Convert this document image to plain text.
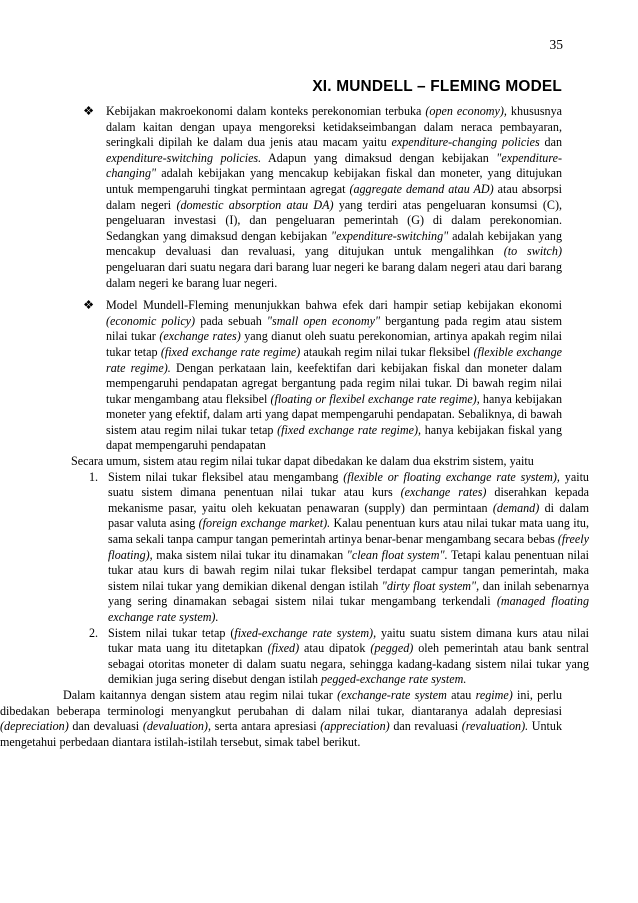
35
XI. MUNDELL – FLEMING MODEL
❖ Kebijakan makroekonomi dalam konteks perekonomian terbuka (open economy), khususnya dalam kaitan dengan upaya mengoreksi ketidakseimbangan dalam neraca pembayaran, seringkali dipilah ke dalam dua jenis atau macam yaitu expenditure-changing policies dan expenditure-switching policies. Adapun yang dimaksud dengan kebijakan "expenditure- changing" adalah kebijakan yang mencakup kebijakan fiskal dan moneter, yang ditujukan untuk mempengaruhi tingkat permintaan agregat (aggregate demand atau AD) atau absorpsi dalam negeri (domestic absorption atau DA) yang terdiri atas pengeluaran konsumsi (C), pengeluaran investasi (I), dan pengeluaran pemerintah (G) di dalam perekonomian. Sedangkan yang dimaksud dengan kebijakan "expenditure-switching" adalah kebijakan yang mencakup devaluasi dan revaluasi, yang ditujukan untuk mengalihkan (to switch) pengeluaran dari suatu negara dari barang luar negeri ke barang dalam negeri atau dari barang dalam negeri ke barang luar negeri.

❖ Model Mundell-Fleming menunjukkan bahwa efek dari hampir setiap kebijakan ekonomi (economic policy) pada sebuah "small open economy" bergantung pada regim atau sistem nilai tukar (exchange rates) yang dianut oleh suatu perekonomian, artinya apakah regim nilai tukar tetap (fixed exchange rate regime) ataukah regim nilai tukar fleksibel (flexible exchange rate regime). Dengan perkataan lain, keefektifan dari kebijakan fiskal dan moneter dalam mempengaruhi pendapatan agregat bergantung pada regim nilai tukar. Di bawah regim nilai tukar mengambang atau fleksibel (floating or flexibel exchange rate regime), hanya kebijakan moneter yang efektif, dalam arti yang dapat mempengaruhi pendapatan. Sebaliknya, di bawah sistem atau regim nilai tukar tetap (fixed exchange rate regime), hanya kebijakan fiskal yang dapat mempengaruhi pendapatan

Secara umum, sistem atau regim nilai tukar dapat dibedakan ke dalam dua ekstrim sistem, yaitu

1. Sistem nilai tukar fleksibel atau mengambang (flexible or floating exchange rate system), yaitu suatu sistem dimana penentuan nilai tukar atau kurs (exchange rates) diserahkan kepada mekanisme pasar, yaitu oleh kekuatan penawaran (supply) dan permintaan (demand) di dalam pasar valuta asing (foreign exchange market). Kalau penentuan kurs atau nilai tukar mata uang itu, sama sekali tanpa campur tangan pemerintah artinya benar-benar mengambang secara bebas (freely floating), maka sistem nilai tukar itu dinamakan "clean float system". Tetapi kalau penentuan nilai tukar atau kurs di bawah regim nilai tukar fleksibel terdapat campur tangan pemerintah, maka sistem nilai tukar yang demikian dikenal dengan istilah "dirty float system", dan inilah sebenarnya yang sering dinamakan sebagai sistem nilai tukar mengambang terkendali (managed floating exchange rate system).

2. Sistem nilai tukar tetap (fixed-exchange rate system), yaitu suatu sistem dimana kurs atau nilai tukar mata uang itu ditetapkan (fixed) atau dipatok (pegged) oleh pemerintah atau bank sentral sebagai otoritas moneter di dalam suatu negara, sehingga kadang-kadang sistem nilai tukar yang demikian juga sering disebut dengan istilah pegged-exchange rate system.

Dalam kaitannya dengan sistem atau regim nilai tukar (exchange-rate system atau regime) ini, perlu dibedakan beberapa terminologi menyangkut perubahan di dalam nilai tukar, diantaranya adalah depresiasi (depreciation) dan devaluasi (devaluation), serta antara apresiasi (appreciation) dan revaluasi (revaluation). Untuk mengetahui perbedaan diantara istilah-istilah tersebut, simak tabel berikut.
